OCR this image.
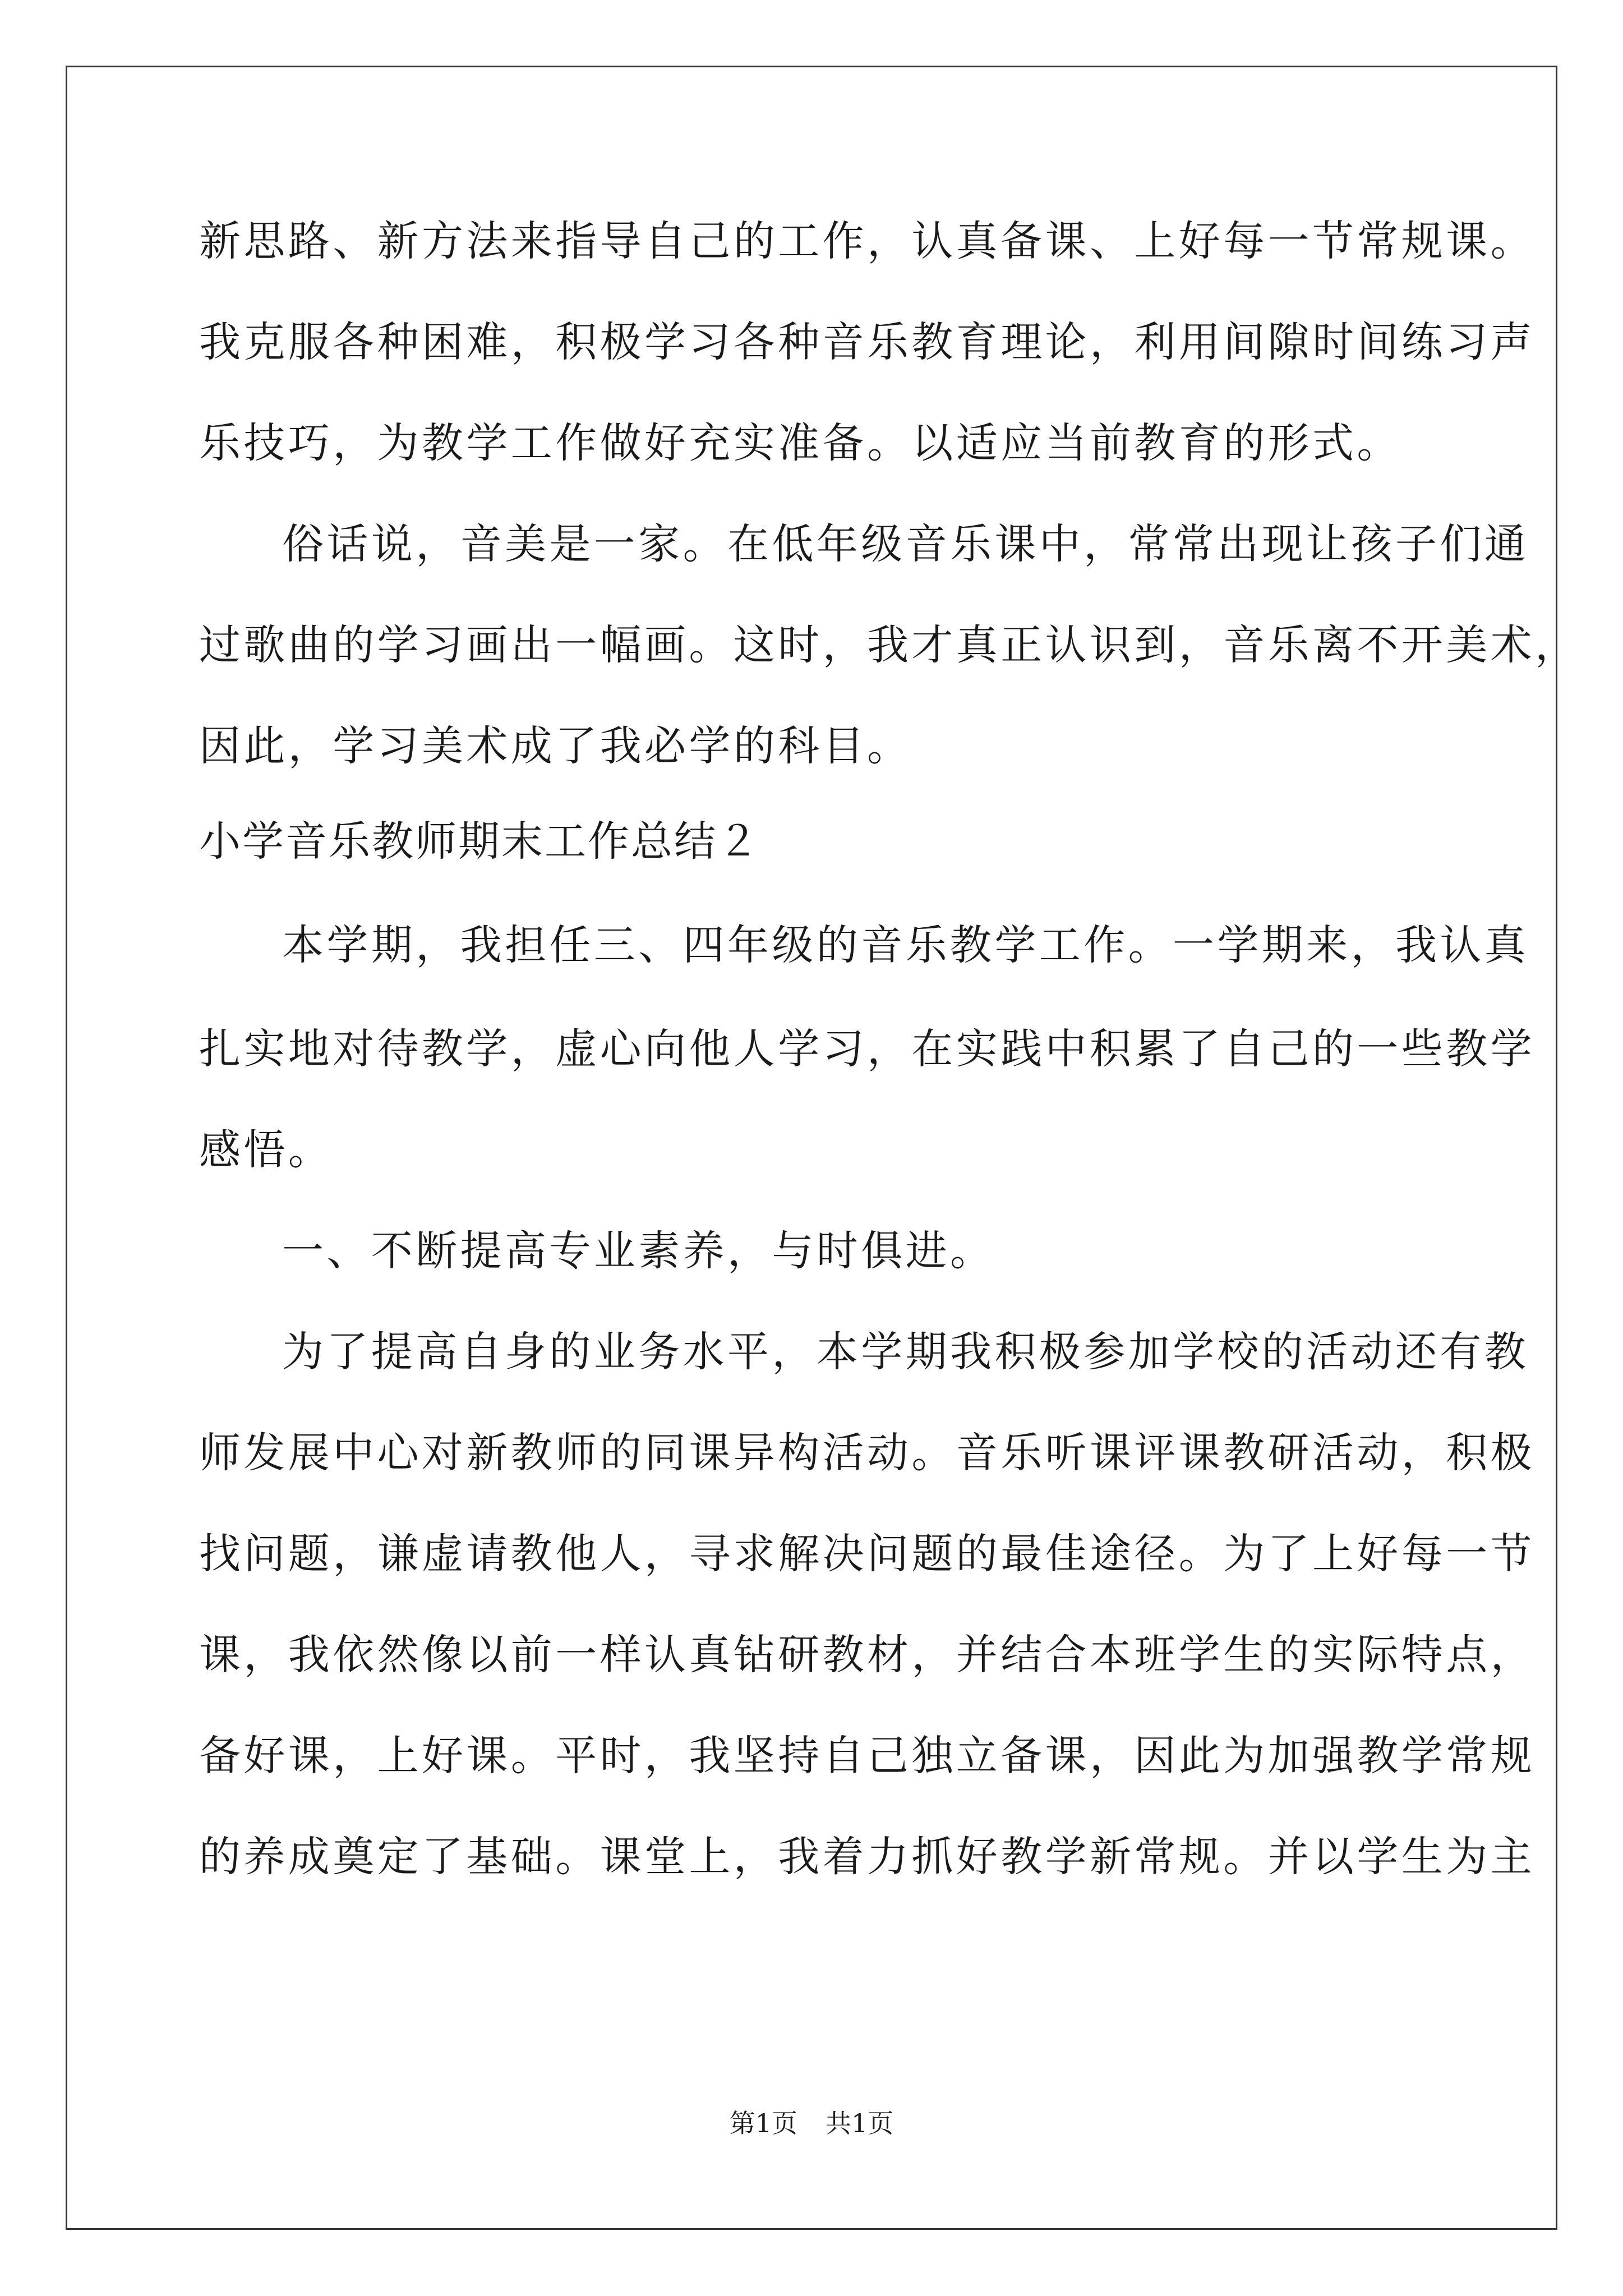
新思路、新方法来指导自己的工作，认真备课、上好每一节常规课。

我克服各种困难，积极学习各种音乐教育理论，利用间隙时间练习声

乐技巧，为教学工作做好充实准备。以适应当前教育的形式。

俗话说，音美是一家。在低年级音乐课中，常常出现让孩子们通

过歌曲的学习画出一幅画。这时，我才真正认识到，音乐离不开美术，

因此，学习美术成了我必学的科目。

小学音乐教师期末工作总结２

本学期，我担任三、四年级的音乐教学工作。一学期来，我认真

扎实地对待教学，虚心向他人学习，在实践中积累了自己的一些教学

感悟。

一、不断提高专业素养，与时俱进。

为了提高自身的业务水平，本学期我积极参加学校的活动还有教

师发展中心对新教师的同课异构活动。音乐听课评课教研活动，积极

找问题，谦虚请教他人，寻求解决问题的最佳途径。为了上好每一节

课，我依然像以前一样认真钻研教材，并结合本班学生的实际特点，

备好课，上好课。平时，我坚持自己独立备课，因此为加强教学常规

的养成奠定了基础。课堂上，我着力抓好教学新常规。并以学生为主

第1页 共1页
